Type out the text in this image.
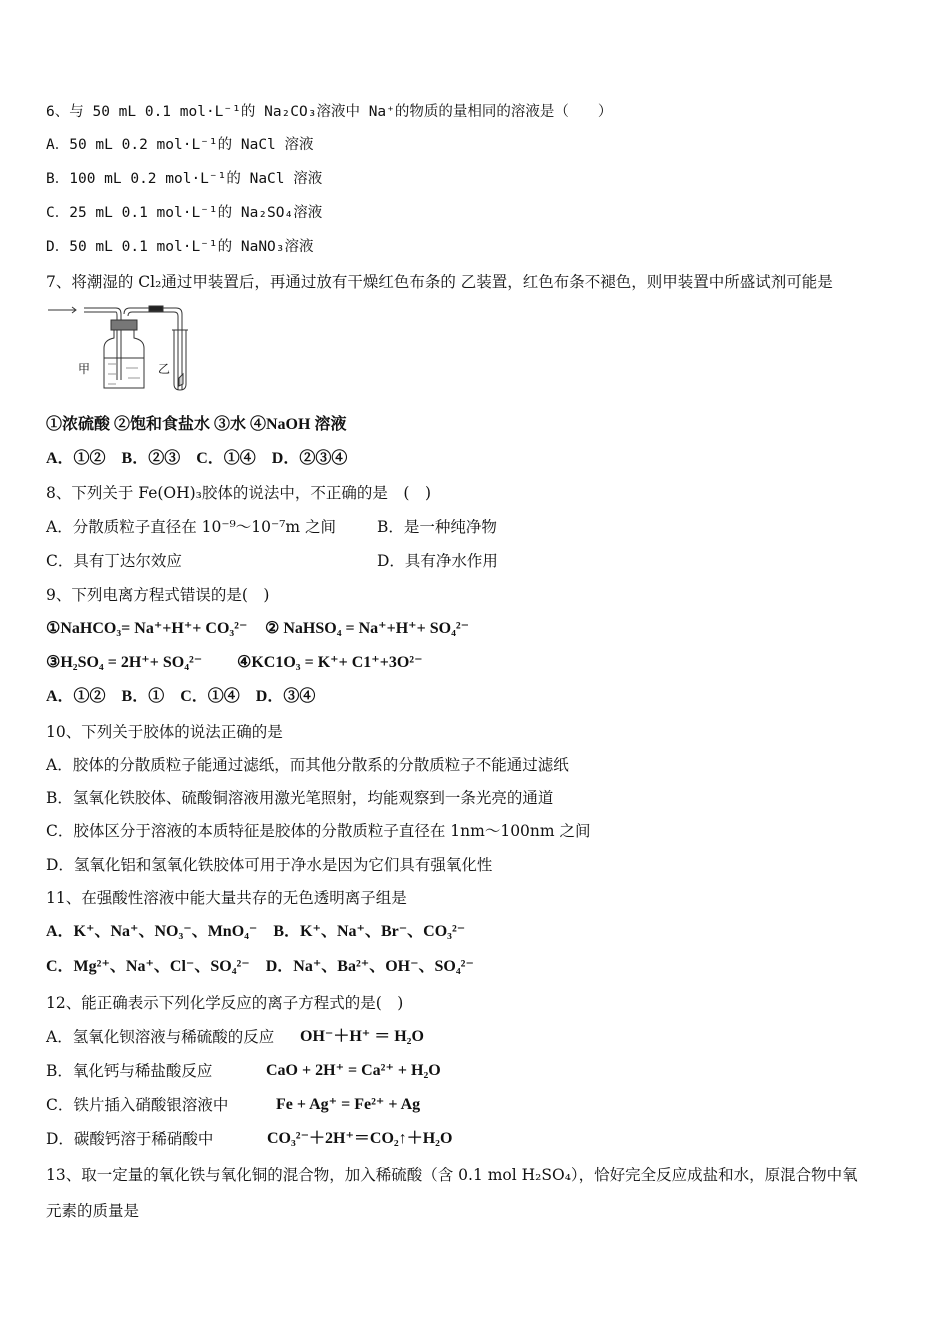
6、与 50 mL 0.1 mol·L⁻¹的 Na₂CO₃溶液中 Na⁺的物质的量相同的溶液是（　　）
A．50 mL 0.2 mol·L⁻¹的 NaCl 溶液
B．100 mL 0.2 mol·L⁻¹的 NaCl 溶液
C．25 mL 0.1 mol·L⁻¹的 Na₂SO₄溶液
D．50 mL 0.1 mol·L⁻¹的 NaNO₃溶液
7、将潮湿的 Cl₂通过甲装置后，再通过放有干燥红色布条的 乙装置，红色布条不褪色，则甲装置中所盛试剂可能是
甲	乙
①浓硫酸 ②饱和食盐水 ③水 ④NaOH 溶液
A．①②　B．②③　C．①④　D．②③④
8、下列关于 Fe(OH)₃胶体的说法中，不正确的是　(　)
A．分散质粒子直径在 10⁻⁹～10⁻⁷m 之间	B．是一种纯净物
C．具有丁达尔效应	D．具有净水作用
9、下列电离方程式错误的是(　)
①NaHCO₃= Na⁺+H⁺+ CO₃²⁻ ② NaHSO₄ = Na⁺+H⁺+ SO₄²⁻
③H₂SO₄ = 2H⁺+ SO₄²⁻ ④KC1O₃ = K⁺+ C1⁺+3O²⁻
A．①②　B．①　C．①④　D．③④
10、下列关于胶体的说法正确的是
A．胶体的分散质粒子能通过滤纸，而其他分散系的分散质粒子不能通过滤纸
B．氢氧化铁胶体、硫酸铜溶液用激光笔照射，均能观察到一条光亮的通道
C．胶体区分于溶液的本质特征是胶体的分散质粒子直径在 1nm～100nm 之间
D．氢氧化铝和氢氧化铁胶体可用于净水是因为它们具有强氧化性
11、在强酸性溶液中能大量共存的无色透明离子组是
A．K⁺、Na⁺、NO₃⁻、MnO₄⁻　B．K⁺、Na⁺、Br⁻、CO₃²⁻
C．Mg²⁺、Na⁺、Cl⁻、SO₄²⁻　D．Na⁺、Ba²⁺、OH⁻、SO₄²⁻
12、能正确表示下列化学反应的离子方程式的是(　)
A．氢氧化钡溶液与稀硫酸的反应 OH⁻＋H⁺ ＝ H₂O
B．氧化钙与稀盐酸反应	CaO + 2H⁺ = Ca²⁺ + H₂O
C．铁片插入硝酸银溶液中	Fe + Ag⁺ = Fe²⁺ + Ag
D．碳酸钙溶于稀硝酸中	CO₃²⁻＋2H⁺＝CO₂↑＋H₂O
13、取一定量的氧化铁与氧化铜的混合物，加入稀硫酸（含 0.1 mol H₂SO₄），恰好完全反应成盐和水，原混合物中氧
元素的质量是
